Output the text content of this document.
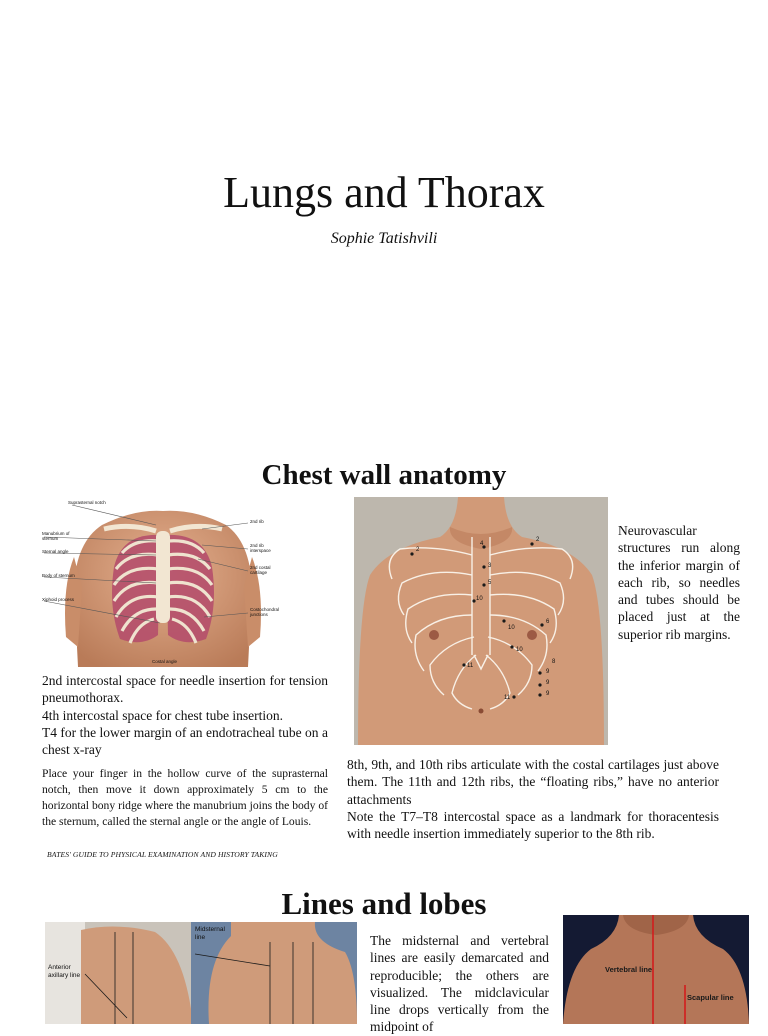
Lungs and Thorax
Sophie Tatishvili
Chest wall anatomy
Suprasternal notch
Manubrium of sternum
Sternal angle
Body of sternum
Xiphoid process
2nd rib
2nd rib interspace
2nd costal cartilage
Costochondral junctions
Costal angle
2nd intercostal space for needle insertion for tension pneumothorax.
4th intercostal space for chest tube insertion.
T4 for the lower margin of an endotracheal tube on a chest x-ray
Place your finger in the hollow curve of the suprasternal notch, then move it down approximately 5 cm to the horizontal bony ridge where the manubrium joins the body of the sternum, called the sternal angle or the angle of Louis.
BATES' GUIDE TO PHYSICAL EXAMINATION AND HISTORY TAKING
2
2
3
5
10
10
10
11
11
6
8
9
9
9
4
Neurovascular structures run along the inferior margin of each rib, so needles and tubes should be placed just at the superior rib margins.
8th, 9th, and 10th ribs articulate with the costal cartilages just above them. The 11th and 12th ribs, the “floating ribs,” have no anterior attachments
Note the T7–T8 intercostal space as a landmark for thoracentesis with needle insertion immediately superior to the 8th rib.
Lines and lobes
Anterior axillary line
Midsternal line	The midsternal and vertebral lines are easily demarcated and reproducible; the others are visualized. The midclavicular line drops vertically from the midpoint of
Vertebral line
Scapular line
